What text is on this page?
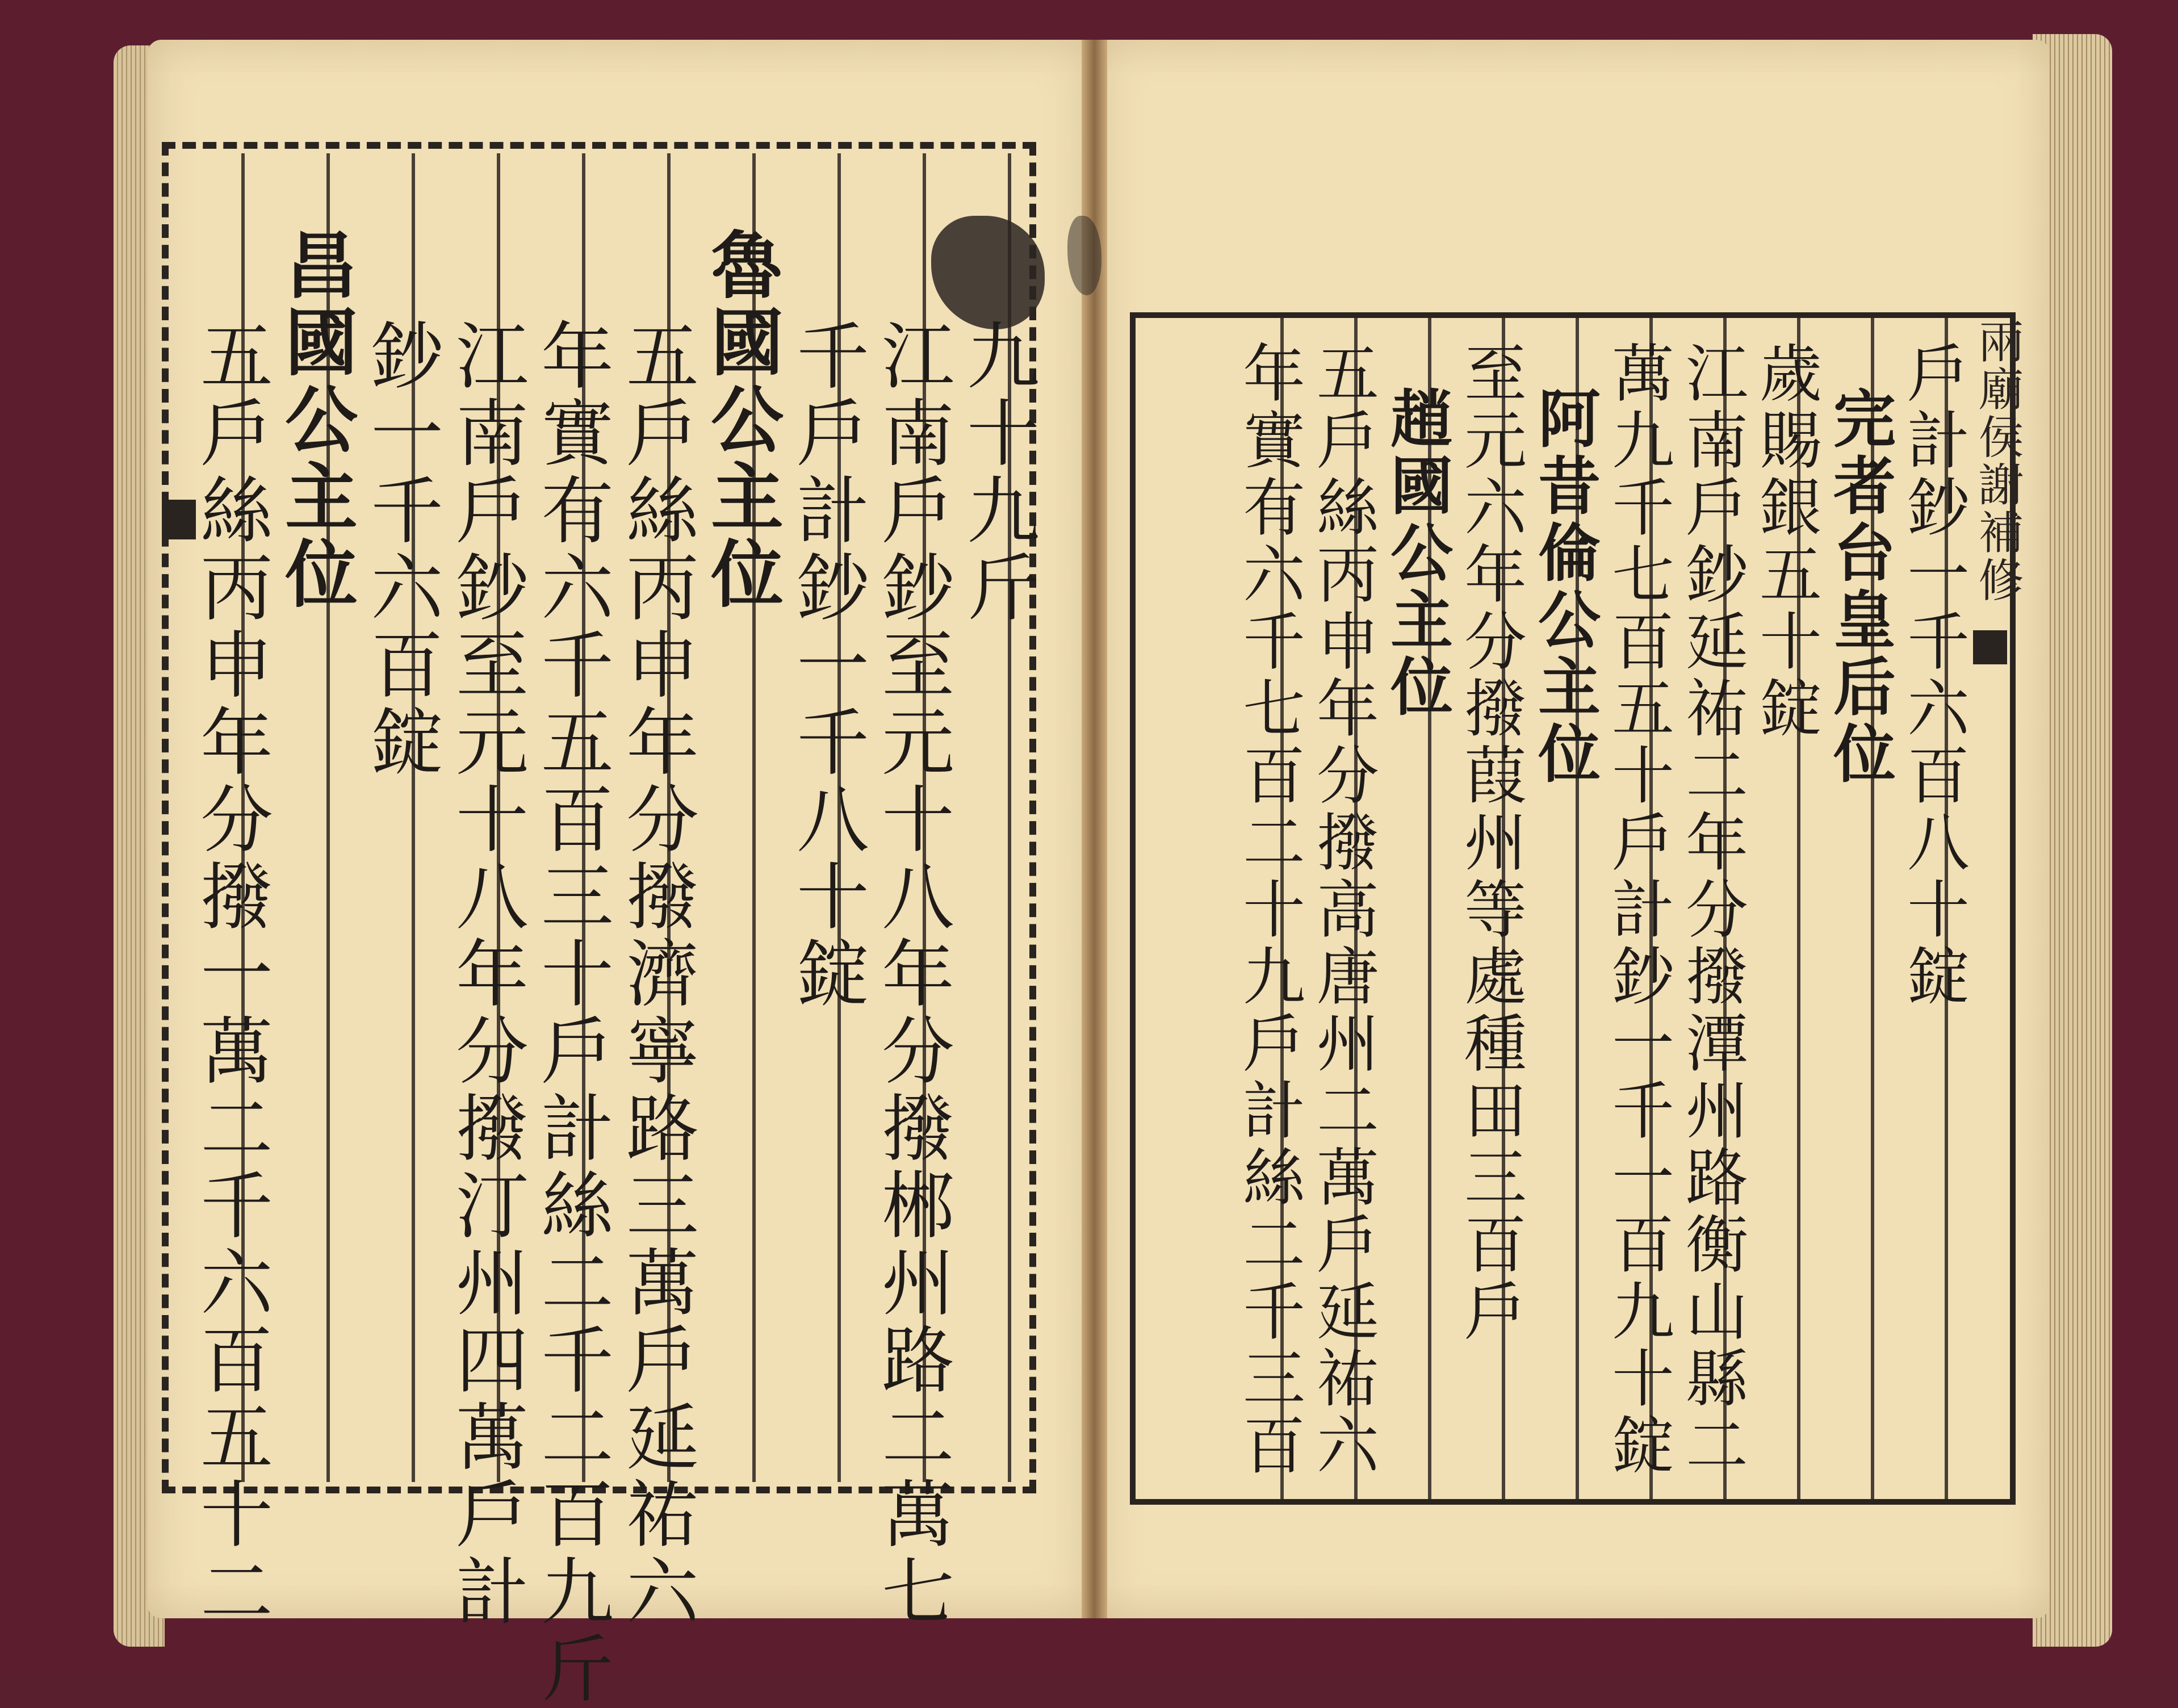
九十九斤
江南戶鈔至元十八年分撥郴州路二萬七
千戶計鈔一千八十錠
魯國公主位
五戶絲丙申年分撥濟寧路三萬戶延祐六
年實有六千五百三十戶計絲二千二百九斤
江南戶鈔至元十八年分撥汀州四萬戶計
鈔一千六百錠
昌國公主位
五戶絲丙申年分撥一萬二千六百五十二	戶計鈔一千六百八十錠
完者台皇后位
歲賜銀五十錠
江南戶鈔延祐二年分撥潭州路衡山縣二
萬九千七百五十戶計鈔一千一百九十錠
阿昔倫公主位
至元六年分撥葭州等處種田三百戶
趙國公主位
五戶絲丙申年分撥高唐州二萬戶延祐六
年實有六千七百二十九戶計絲二千三百	兩廟侯謝補修
